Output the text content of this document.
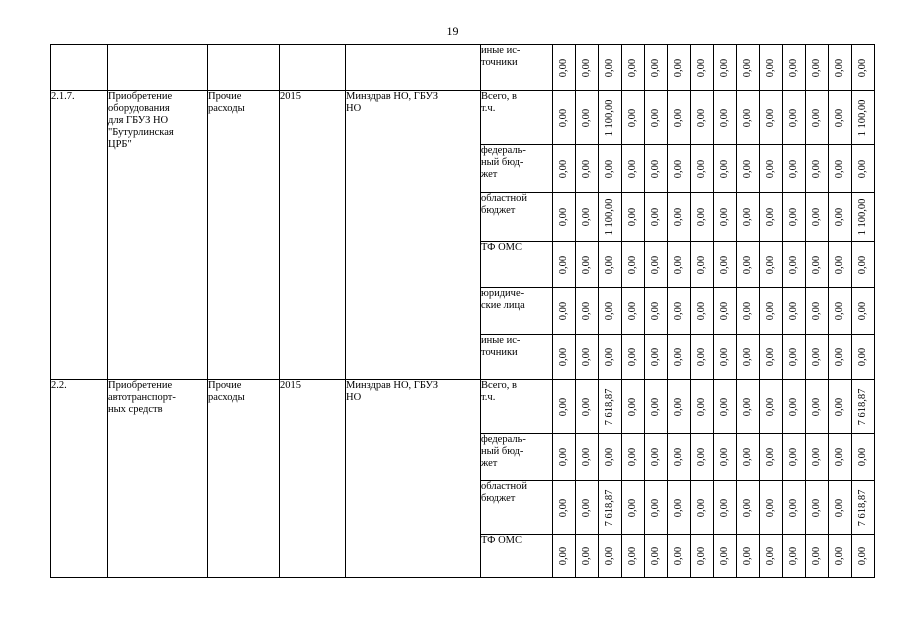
19
					иные ис-
точники	0,00	0,00	0,00	0,00	0,00	0,00	0,00	0,00	0,00	0,00	0,00	0,00	0,00	0,00

2.1.7.	Приобретение
оборудования
для ГБУЗ НО
"Бутурлинская
ЦРБ"	Прочие
расходы	2015	Минздрав НО, ГБУЗ
НО	Всего, в
т.ч.	0,00	0,00	1 100,00	0,00	0,00	0,00	0,00	0,00	0,00	0,00	0,00	0,00	0,00	1 100,00

					федераль-
ный бюд-
жет	0,00	0,00	0,00	0,00	0,00	0,00	0,00	0,00	0,00	0,00	0,00	0,00	0,00	0,00

					областной
бюджет	0,00	0,00	1 100,00	0,00	0,00	0,00	0,00	0,00	0,00	0,00	0,00	0,00	0,00	1 100,00

					ТФ ОМС	0,00	0,00	0,00	0,00	0,00	0,00	0,00	0,00	0,00	0,00	0,00	0,00	0,00	0,00

					юридиче-
ские лица	0,00	0,00	0,00	0,00	0,00	0,00	0,00	0,00	0,00	0,00	0,00	0,00	0,00	0,00

					иные ис-
точники	0,00	0,00	0,00	0,00	0,00	0,00	0,00	0,00	0,00	0,00	0,00	0,00	0,00	0,00

2.2.	Приобретение
автотранспорт-
ных средств	Прочие
расходы	2015	Минздрав НО, ГБУЗ
НО	Всего, в
т.ч.	0,00	0,00	7 618,87	0,00	0,00	0,00	0,00	0,00	0,00	0,00	0,00	0,00	0,00	7 618,87

					федераль-
ный бюд-
жет	0,00	0,00	0,00	0,00	0,00	0,00	0,00	0,00	0,00	0,00	0,00	0,00	0,00	0,00

					областной
бюджет	0,00	0,00	7 618,87	0,00	0,00	0,00	0,00	0,00	0,00	0,00	0,00	0,00	0,00	7 618,87

					ТФ ОМС	0,00	0,00	0,00	0,00	0,00	0,00	0,00	0,00	0,00	0,00	0,00	0,00	0,00	0,00
